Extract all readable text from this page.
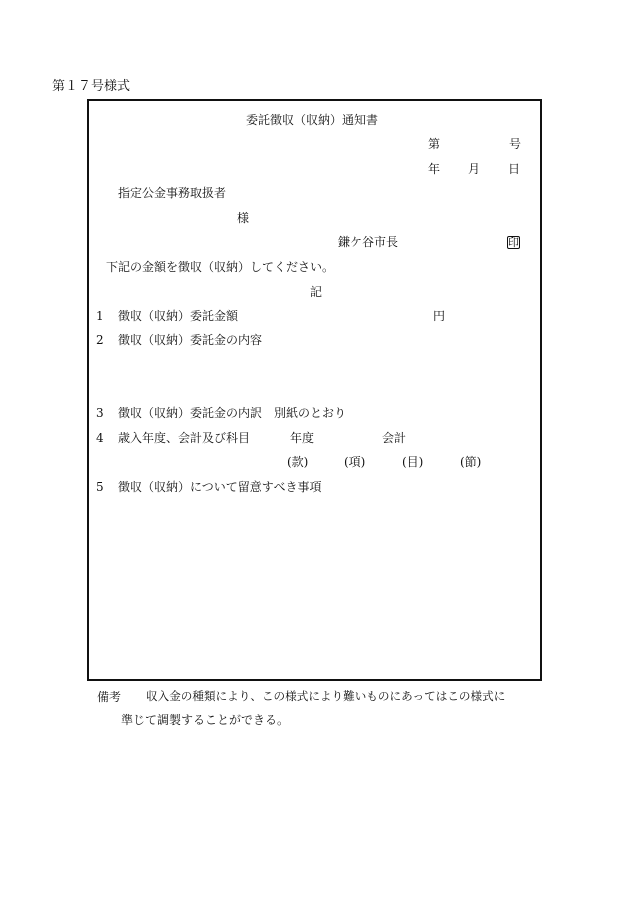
第１７号様式
委託徴収（収納）通知書
第	号
年 月 日
指定公金事務取扱者
様
鎌ケ谷市長	印
下記の金額を徴収（収納）してください。
記
1 徴収（収納）委託金額	円
2 徴収（収納）委託金の内容
3 徴収（収納）委託金の内訳　別紙のとおり
4 歳入年度、会計及び科目	年度	会計
(款)	(項)	(目)	(節)
5 徴収（収納）について留意すべき事項
備考 収入金の種類により、この様式により難いものにあってはこの様式に
準じて調製することができる。
